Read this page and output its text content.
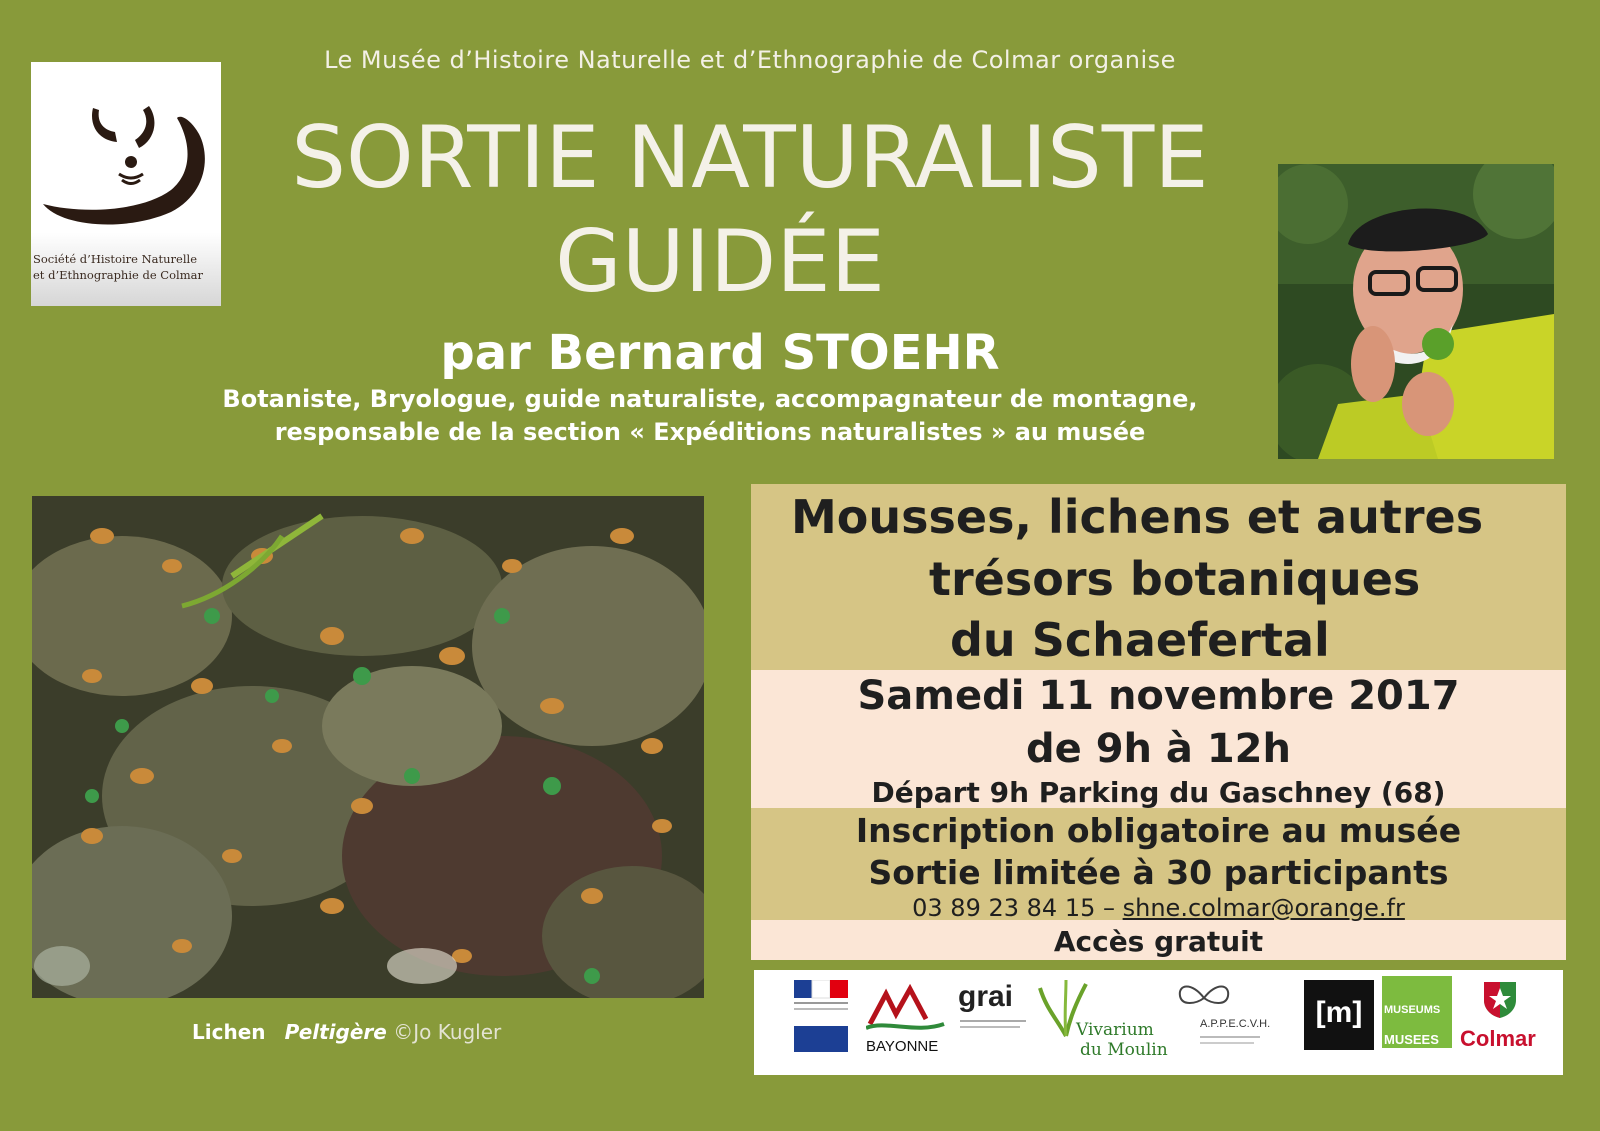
Le Musée d’Histoire Naturelle et d’Ethnographie de Colmar organise
SORTIE NATURALISTE
GUIDÉE
par Bernard STOEHR
Botaniste, Bryologue, guide naturaliste, accompagnateur de montagne,
responsable de la section « Expéditions naturalistes » au musée
Société d’Histoire Naturelle
et d’Ethnographie de Colmar
Lichen Peltigère ©Jo Kugler
Mousses, lichens et autres
trésors botaniques
du Schaefertal
Samedi 11 novembre 2017
de 9h à 12h
Départ 9h Parking du Gaschney (68)
Inscription obligatoire au musée
Sortie limitée à 30 participants
03 89 23 84 15 – shne.colmar@orange.fr
Accès gratuit
BAYONNE
grai
Vivarium
du Moulin
A.P.P.E.C.V.H.	[m]	MUSEUMS
MUSEES Colmar
